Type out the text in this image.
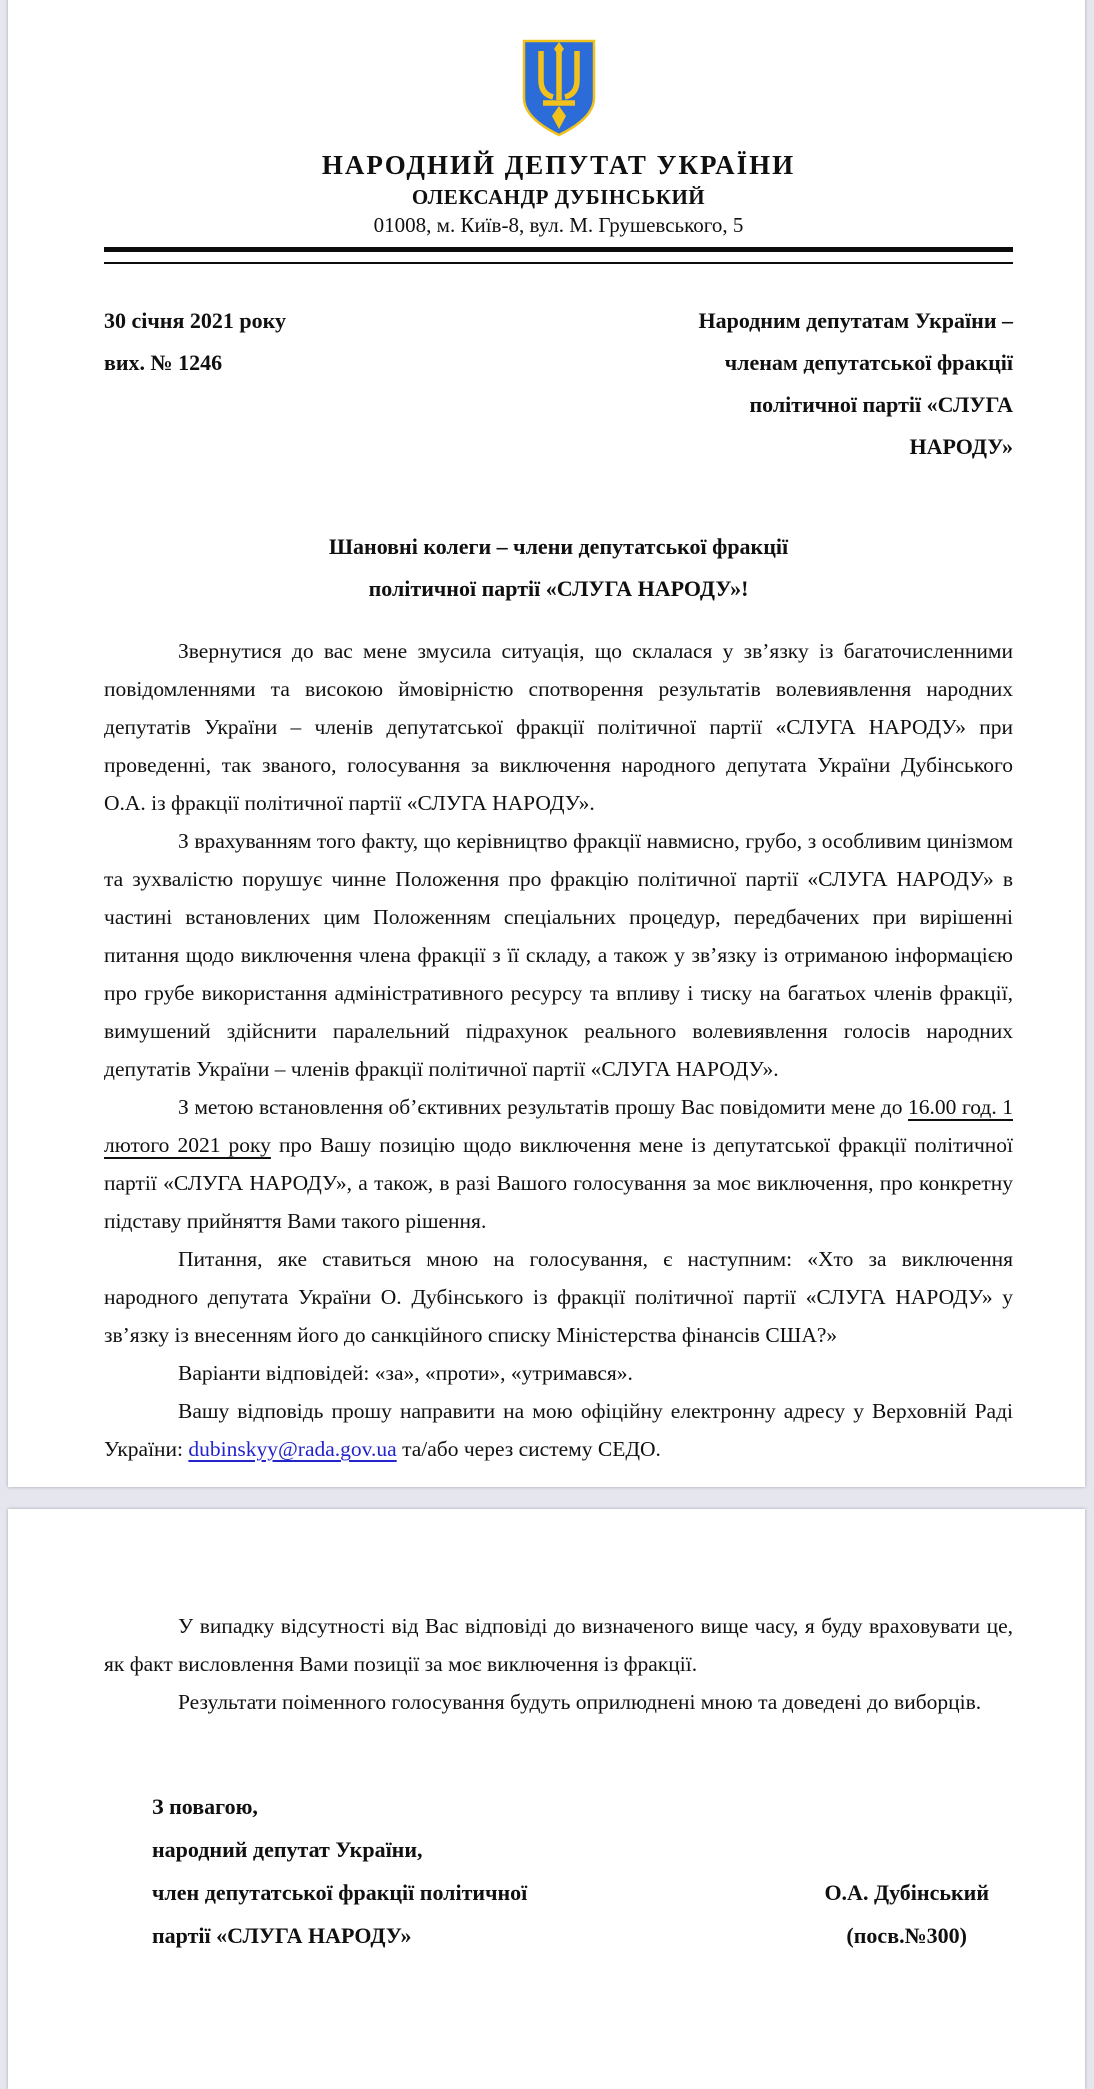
НАРОДНИЙ ДЕПУТАТ УКРАЇНИ
ОЛЕКСАНДР ДУБІНСЬКИЙ
01008, м. Київ-8, вул. М. Грушевського, 5
30 січня 2021 року
вих. № 1246
Народним депутатам України –
членам депутатської фракції
політичної партії «СЛУГА
НАРОДУ»
Шановні колеги – члени депутатської фракції
політичної партії «СЛУГА НАРОДУ»!

Звернутися до вас мене змусила ситуація, що склалася у зв’язку із багаточисленними повідомленнями та високою ймовірністю спотворення результатів волевиявлення народних депутатів України – членів депутатської фракції політичної партії «СЛУГА НАРОДУ» при проведенні, так званого, голосування за виключення народного депутата України Дубінського О.А. із фракції політичної партії «СЛУГА НАРОДУ».

З врахуванням того факту, що керівництво фракції навмисно, грубо, з особливим цинізмом та зухвалістю порушує чинне Положення про фракцію політичної партії «СЛУГА НАРОДУ» в частині встановлених цим Положенням спеціальних процедур, передбачених при вирішенні питання щодо виключення члена фракції з її складу, а також у зв’язку із отриманою інформацією про грубе використання адміністративного ресурсу та впливу і тиску на багатьох членів фракції, вимушений здійснити паралельний підрахунок реального волевиявлення голосів народних депутатів України – членів фракції політичної партії «СЛУГА НАРОДУ».

З метою встановлення об’єктивних результатів прошу Вас повідомити мене до 16.00 год. 1 лютого 2021 року про Вашу позицію щодо виключення мене із депутатської фракції політичної партії «СЛУГА НАРОДУ», а також, в разі Вашого голосування за моє виключення, про конкретну підставу прийняття Вами такого рішення.

Питання, яке ставиться мною на голосування, є наступним: «Хто за виключення народного депутата України О. Дубінського із фракції політичної партії «СЛУГА НАРОДУ» у зв’язку із внесенням його до санкційного списку Міністерства фінансів США?»

Варіанти відповідей: «за», «проти», «утримався».

Вашу відповідь прошу направити на мою офіційну електронну адресу у Верховній Раді України: dubinskyy@rada.gov.ua та/або через систему СЕДО.

У випадку відсутності від Вас відповіді до визначеного вище часу, я буду враховувати це, як факт висловлення Вами позиції за моє виключення із фракції.

Результати поіменного голосування будуть оприлюднені мною та доведені до виборців.

З повагою,
народний депутат України,
член депутатської фракції політичної
партії «СЛУГА НАРОДУ»
О.А. Дубінський
(посв.№300)
